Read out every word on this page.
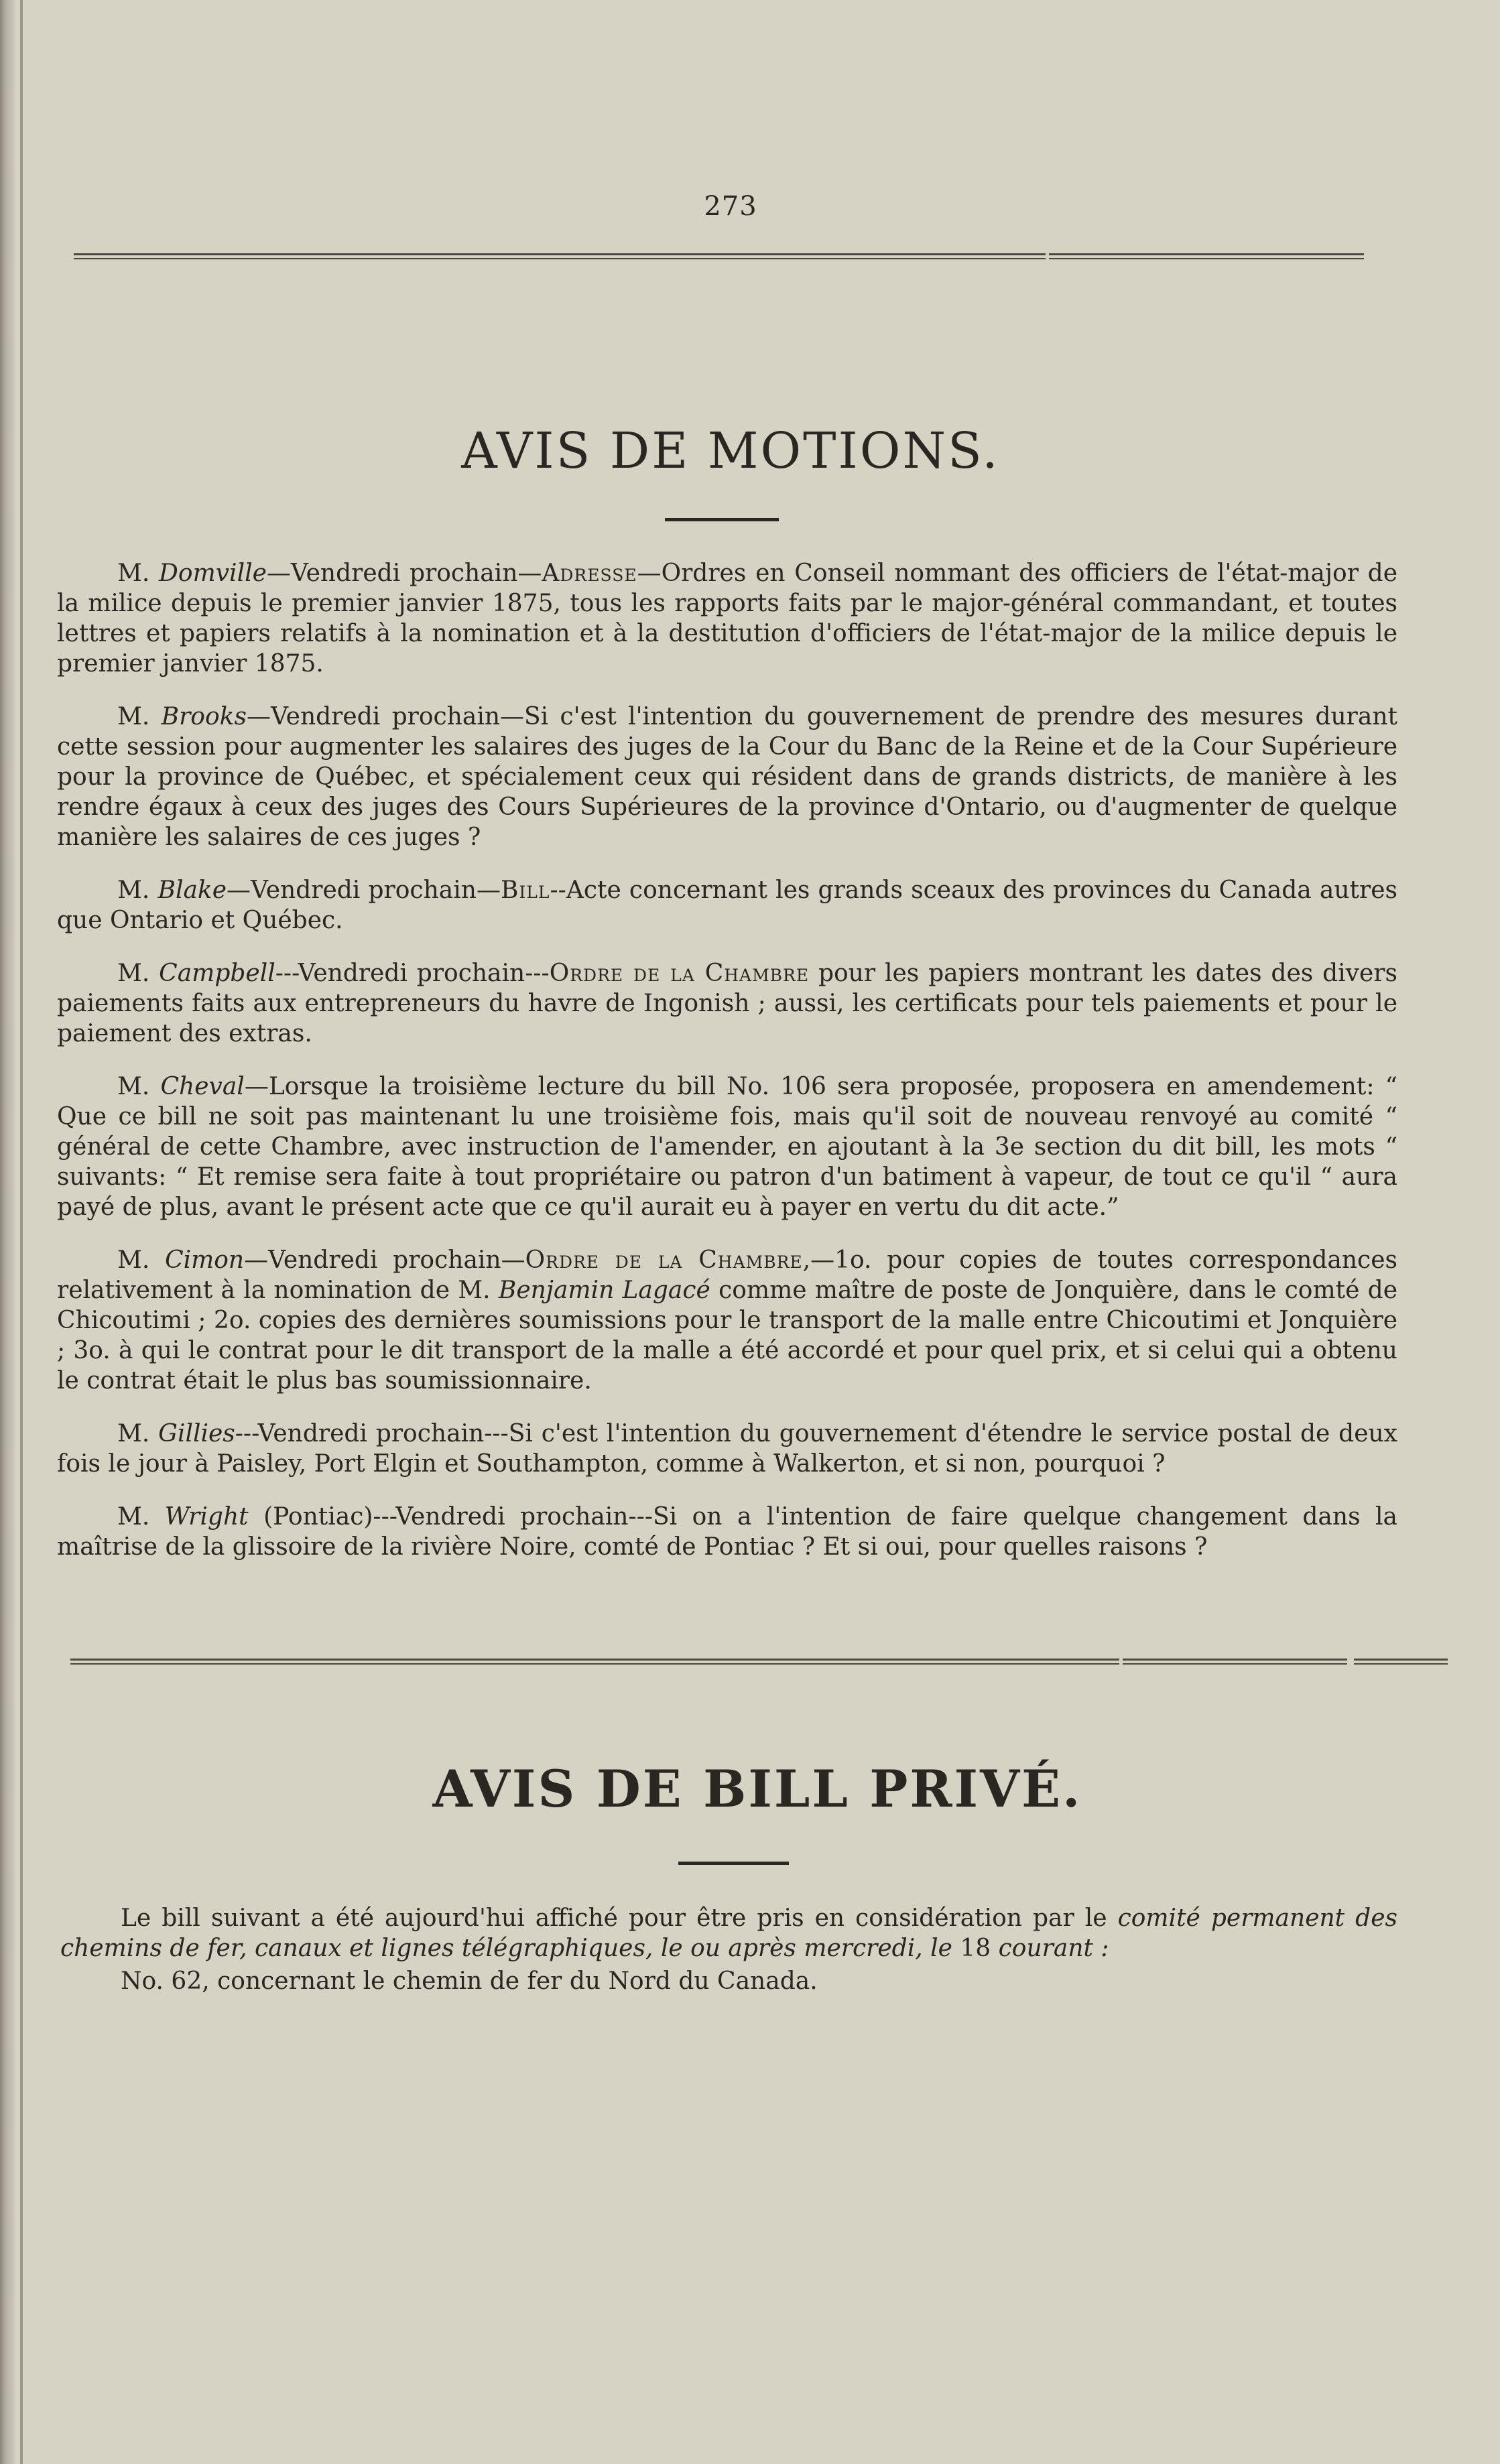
273
AVIS DE MOTIONS.

M. Domville—Vendredi prochain—Adresse—Ordres en Conseil nommant des officiers de l'état-major de la milice depuis le premier janvier 1875, tous les rapports faits par le major-général commandant, et toutes lettres et papiers relatifs à la nomination et à la destitution d'officiers de l'état-major de la milice depuis le premier janvier 1875.

M. Brooks—Vendredi prochain—Si c'est l'intention du gouvernement de prendre des mesures durant cette session pour augmenter les salaires des juges de la Cour du Banc de la Reine et de la Cour Supérieure pour la province de Québec, et spécialement ceux qui résident dans de grands districts, de manière à les rendre égaux à ceux des juges des Cours Supérieures de la province d'Ontario, ou d'augmenter de quelque manière les salaires de ces juges ?

M. Blake—Vendredi prochain—Bill--Acte concernant les grands sceaux des provinces du Canada autres que Ontario et Québec.

M. Campbell---Vendredi prochain---Ordre de la Chambre pour les papiers montrant les dates des divers paiements faits aux entrepreneurs du havre de Ingonish ; aussi, les certificats pour tels paiements et pour le paiement des extras.

M. Cheval—Lorsque la troisième lecture du bill No. 106 sera proposée, proposera en amendement: “ Que ce bill ne soit pas maintenant lu une troisième fois, mais qu'il soit de nouveau renvoyé au comité “ général de cette Chambre, avec instruction de l'amender, en ajoutant à la 3e section du dit bill, les mots “ suivants: “ Et remise sera faite à tout propriétaire ou patron d'un batiment à vapeur, de tout ce qu'il “ aura payé de plus, avant le présent acte que ce qu'il aurait eu à payer en vertu du dit acte.”

M. Cimon—Vendredi prochain—Ordre de la Chambre,—1o. pour copies de toutes correspondances relativement à la nomination de M. Benjamin Lagacé comme maître de poste de Jonquière, dans le comté de Chicoutimi ; 2o. copies des dernières soumissions pour le transport de la malle entre Chicoutimi et Jonquière ; 3o. à qui le contrat pour le dit transport de la malle a été accordé et pour quel prix, et si celui qui a obtenu le contrat était le plus bas soumissionnaire.

M. Gillies---Vendredi prochain---Si c'est l'intention du gouvernement d'étendre le service postal de deux fois le jour à Paisley, Port Elgin et Southampton, comme à Walkerton, et si non, pourquoi ?

M. Wright (Pontiac)---Vendredi prochain---Si on a l'intention de faire quelque changement dans la maîtrise de la glissoire de la rivière Noire, comté de Pontiac ? Et si oui, pour quelles raisons ?

AVIS DE BILL PRIVÉ.

Le bill suivant a été aujourd'hui affiché pour être pris en considération par le comité permanent des chemins de fer, canaux et lignes télégraphiques, le ou après mercredi, le 18 courant :

No. 62, concernant le chemin de fer du Nord du Canada.
